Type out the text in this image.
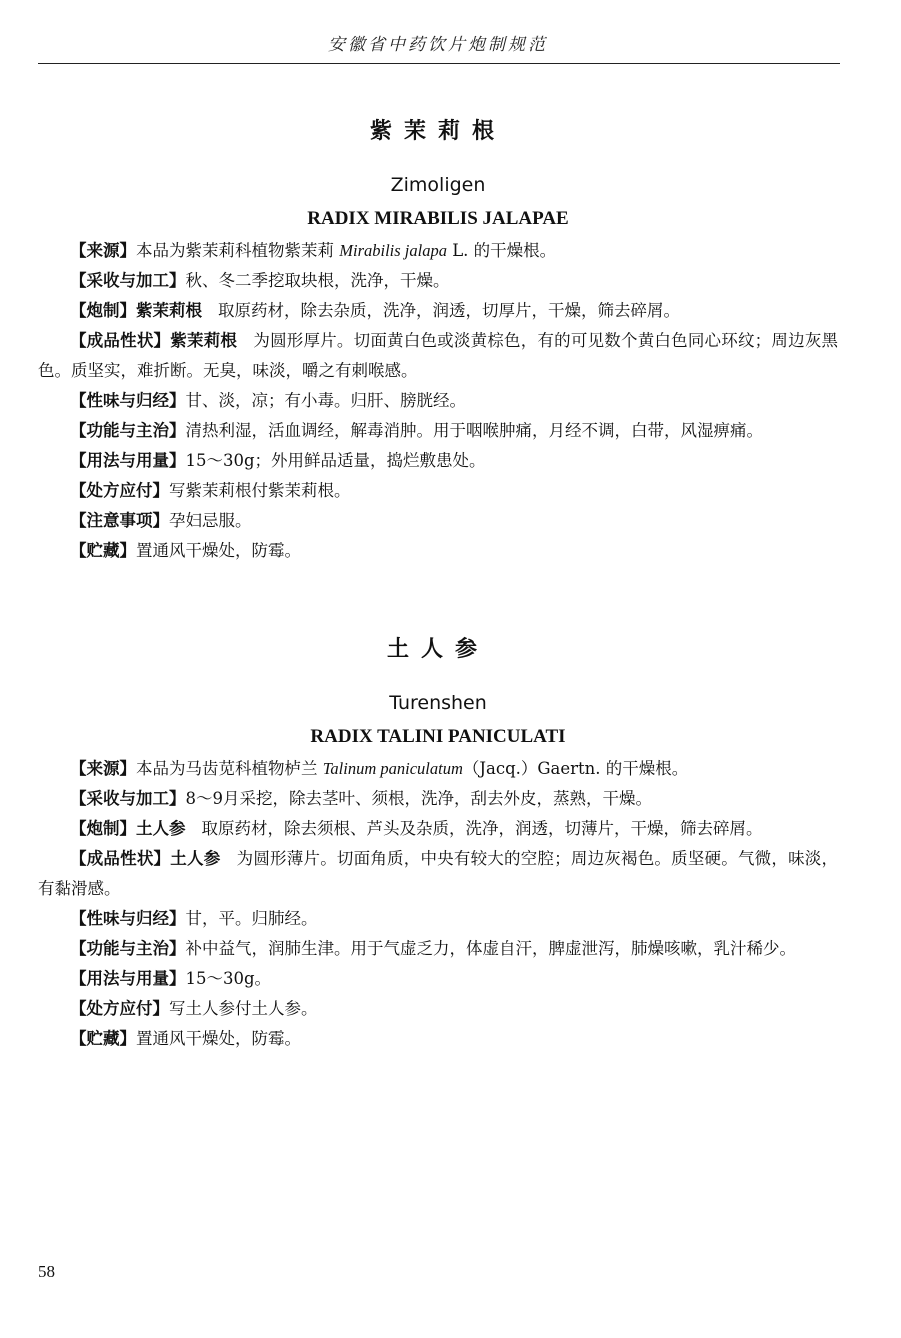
安徽省中药饮片炮制规范
紫茉莉根
Zimoligen
RADIX MIRABILIS JALAPAE

【来源】本品为紫茉莉科植物紫茉莉 Mirabilis jalapa L. 的干燥根。

【采收与加工】秋、冬二季挖取块根，洗净，干燥。

【炮制】紫茉莉根 取原药材，除去杂质，洗净，润透，切厚片，干燥，筛去碎屑。

【成品性状】紫茉莉根 为圆形厚片。切面黄白色或淡黄棕色，有的可见数个黄白色同心环纹；周边灰黑色。质坚实，难折断。无臭，味淡，嚼之有刺喉感。

【性味与归经】甘、淡，凉；有小毒。归肝、膀胱经。

【功能与主治】清热利湿，活血调经，解毒消肿。用于咽喉肿痛，月经不调，白带，风湿痹痛。

【用法与用量】15～30g；外用鲜品适量，捣烂敷患处。

【处方应付】写紫茉莉根付紫茉莉根。

【注意事项】孕妇忌服。

【贮藏】置通风干燥处，防霉。

土人参
Turenshen
RADIX TALINI PANICULATI

【来源】本品为马齿苋科植物栌兰 Talinum paniculatum（Jacq.）Gaertn. 的干燥根。

【采收与加工】8～9月采挖，除去茎叶、须根，洗净，刮去外皮，蒸熟，干燥。

【炮制】土人参 取原药材，除去须根、芦头及杂质，洗净，润透，切薄片，干燥，筛去碎屑。

【成品性状】土人参 为圆形薄片。切面角质，中央有较大的空腔；周边灰褐色。质坚硬。气微，味淡，有黏滑感。

【性味与归经】甘，平。归肺经。

【功能与主治】补中益气，润肺生津。用于气虚乏力，体虚自汗，脾虚泄泻，肺燥咳嗽，乳汁稀少。

【用法与用量】15～30g。

【处方应付】写土人参付土人参。

【贮藏】置通风干燥处，防霉。

58
